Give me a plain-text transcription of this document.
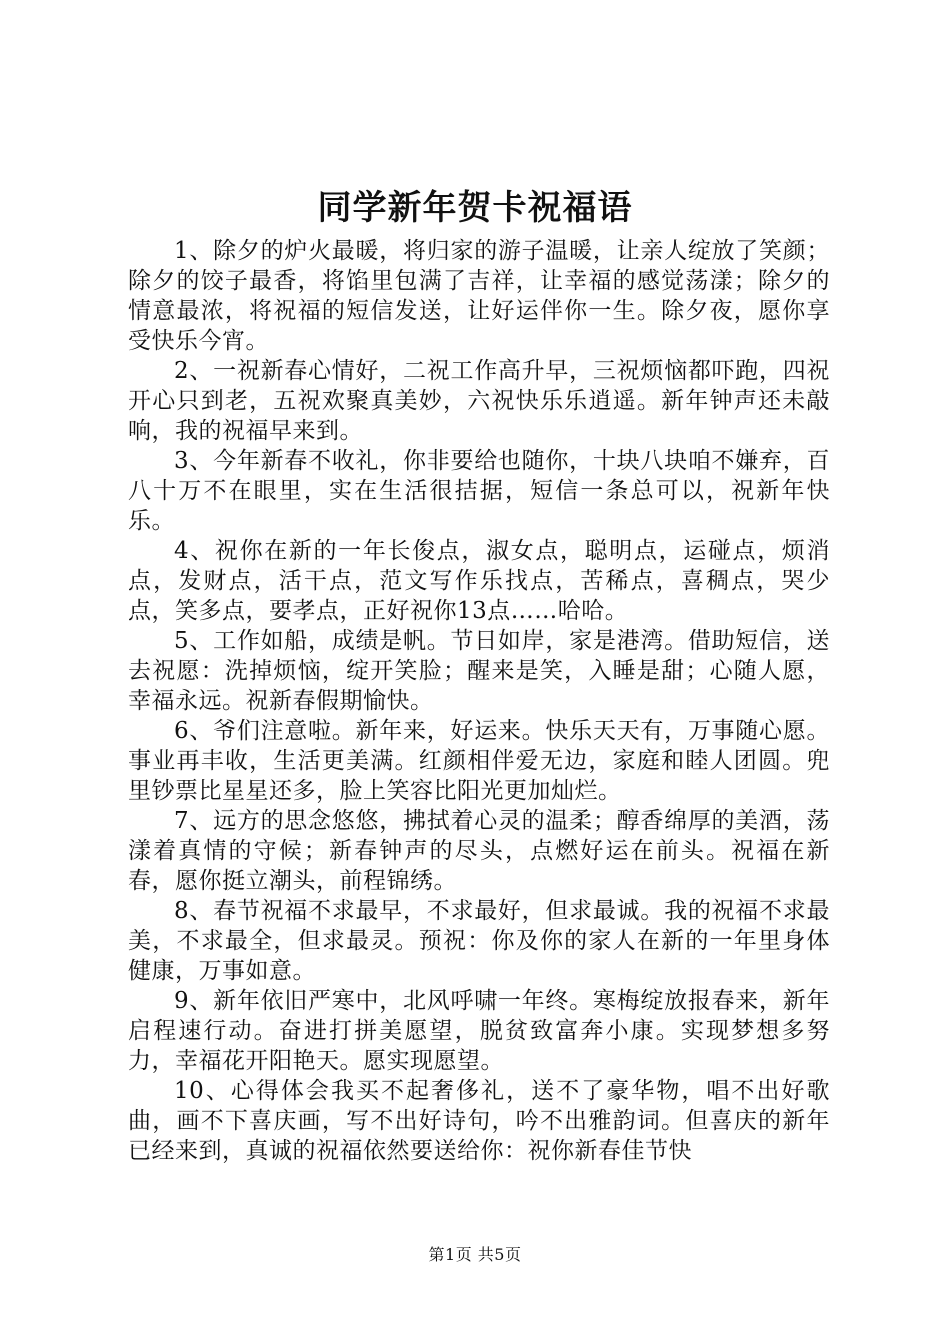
同学新年贺卡祝福语

1、除夕的炉火最暖，将归家的游子温暖，让亲人绽放了笑颜；除夕的饺子最香，将馅里包满了吉祥，让幸福的感觉荡漾；除夕的情意最浓，将祝福的短信发送，让好运伴你一生。除夕夜，愿你享受快乐今宵。

2、一祝新春心情好，二祝工作高升早，三祝烦恼都吓跑，四祝开心只到老，五祝欢聚真美妙，六祝快乐乐逍遥。新年钟声还未敲响，我的祝福早来到。

3、今年新春不收礼，你非要给也随你，十块八块咱不嫌弃，百八十万不在眼里，实在生活很拮据，短信一条总可以，祝新年快乐。

4、祝你在新的一年长俊点，淑女点，聪明点，运碰点，烦消点，发财点，活干点，范文写作乐找点，苦稀点，喜稠点，哭少点，笑多点，要孝点，正好祝你13点……哈哈。

5、工作如船，成绩是帆。节日如岸，家是港湾。借助短信，送去祝愿：洗掉烦恼，绽开笑脸；醒来是笑，入睡是甜；心随人愿，幸福永远。祝新春假期愉快。

6、爷们注意啦。新年来，好运来。快乐天天有，万事随心愿。事业再丰收，生活更美满。红颜相伴爱无边，家庭和睦人团圆。兜里钞票比星星还多，脸上笑容比阳光更加灿烂。

7、远方的思念悠悠，拂拭着心灵的温柔；醇香绵厚的美酒，荡漾着真情的守候；新春钟声的尽头，点燃好运在前头。祝福在新春，愿你挺立潮头，前程锦绣。

8、春节祝福不求最早，不求最好，但求最诚。我的祝福不求最美，不求最全，但求最灵。预祝：你及你的家人在新的一年里身体健康，万事如意。

9、新年依旧严寒中，北风呼啸一年终。寒梅绽放报春来，新年启程速行动。奋进打拼美愿望，脱贫致富奔小康。实现梦想多努力，幸福花开阳艳天。愿实现愿望。

10、心得体会我买不起奢侈礼，送不了豪华物，唱不出好歌曲，画不下喜庆画，写不出好诗句，吟不出雅韵词。但喜庆的新年已经来到，真诚的祝福依然要送给你：祝你新春佳节快

第1页 共5页
